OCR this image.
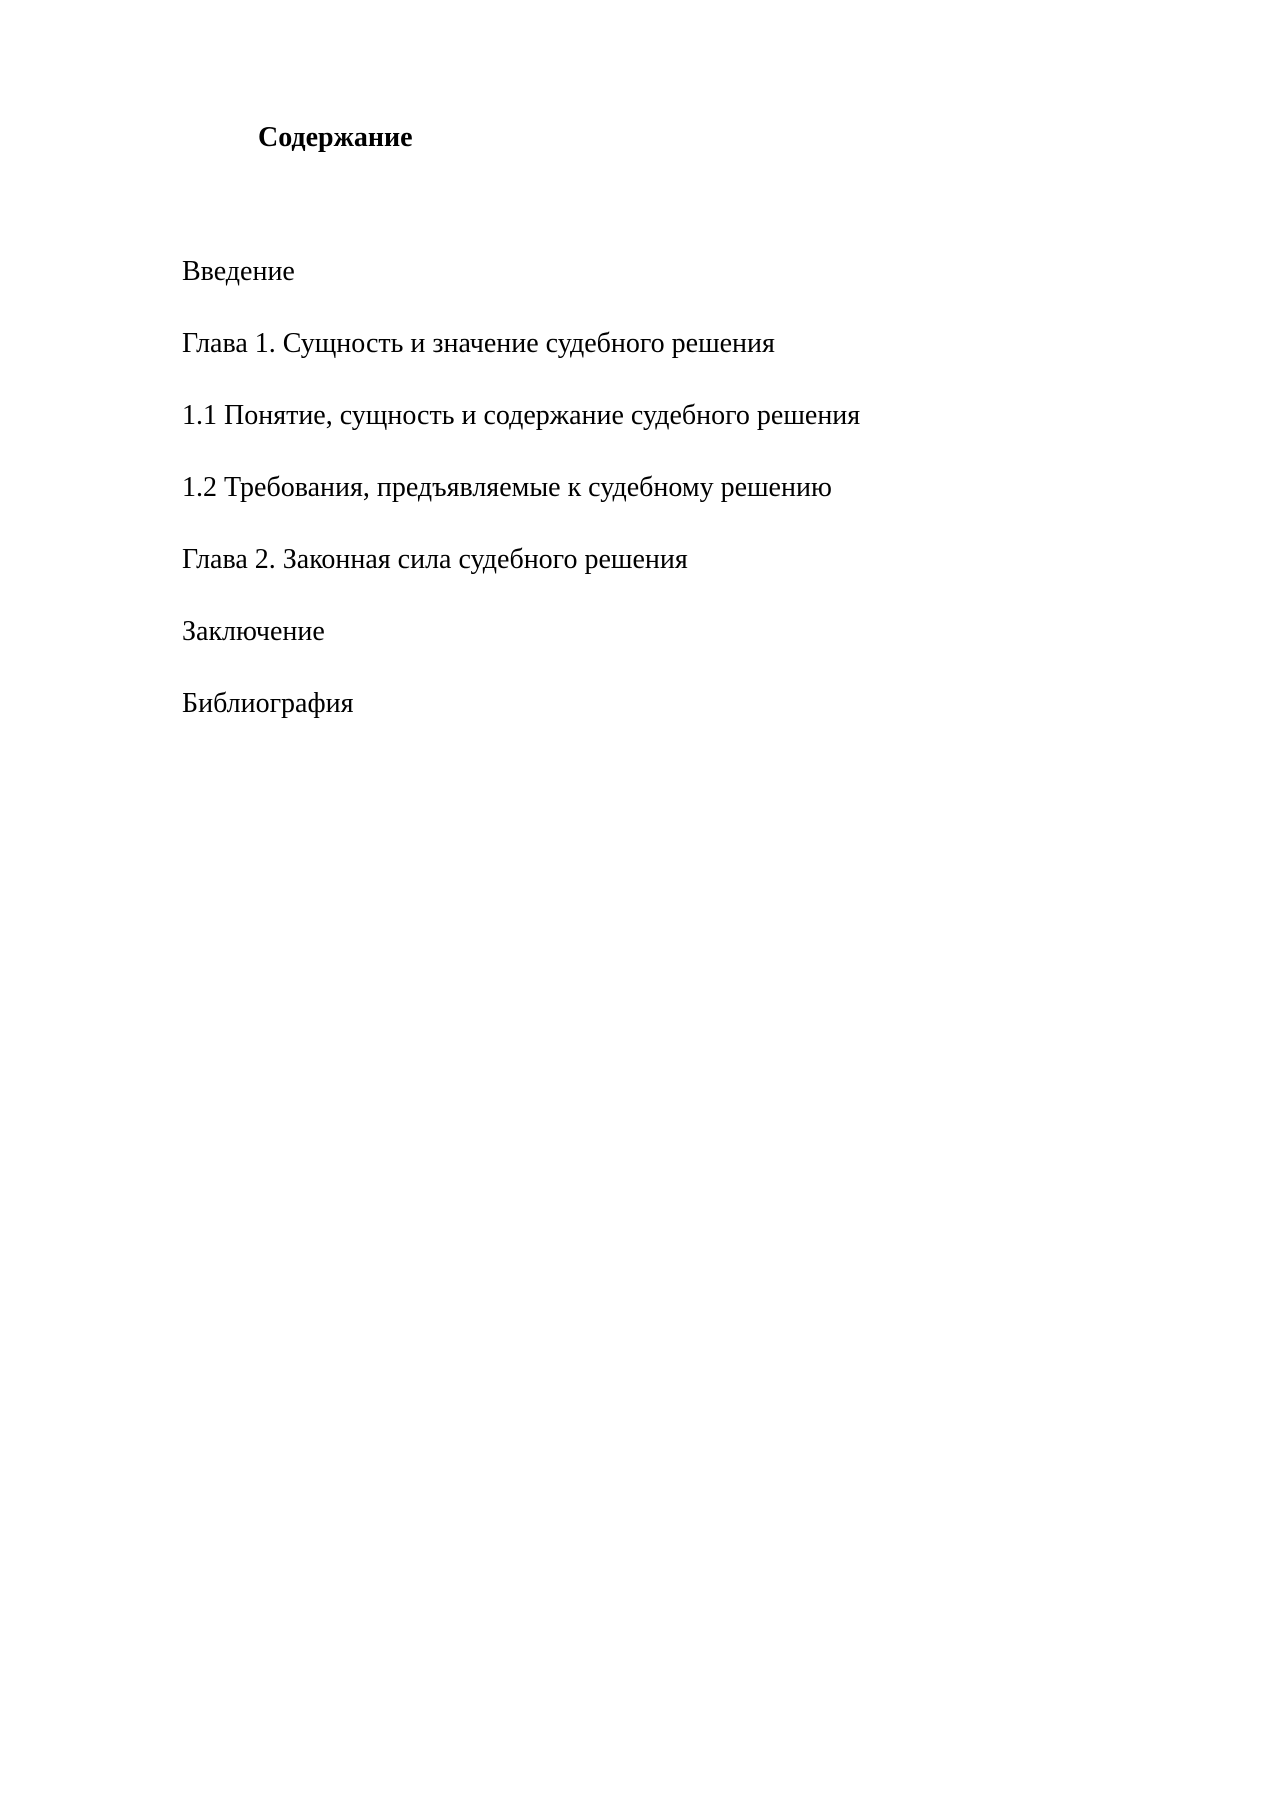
Содержание
Введение
Глава 1. Сущность и значение судебного решения
1.1 Понятие, сущность и содержание судебного решения
1.2 Требования, предъявляемые к судебному решению
Глава 2. Законная сила судебного решения
Заключение
Библиография
